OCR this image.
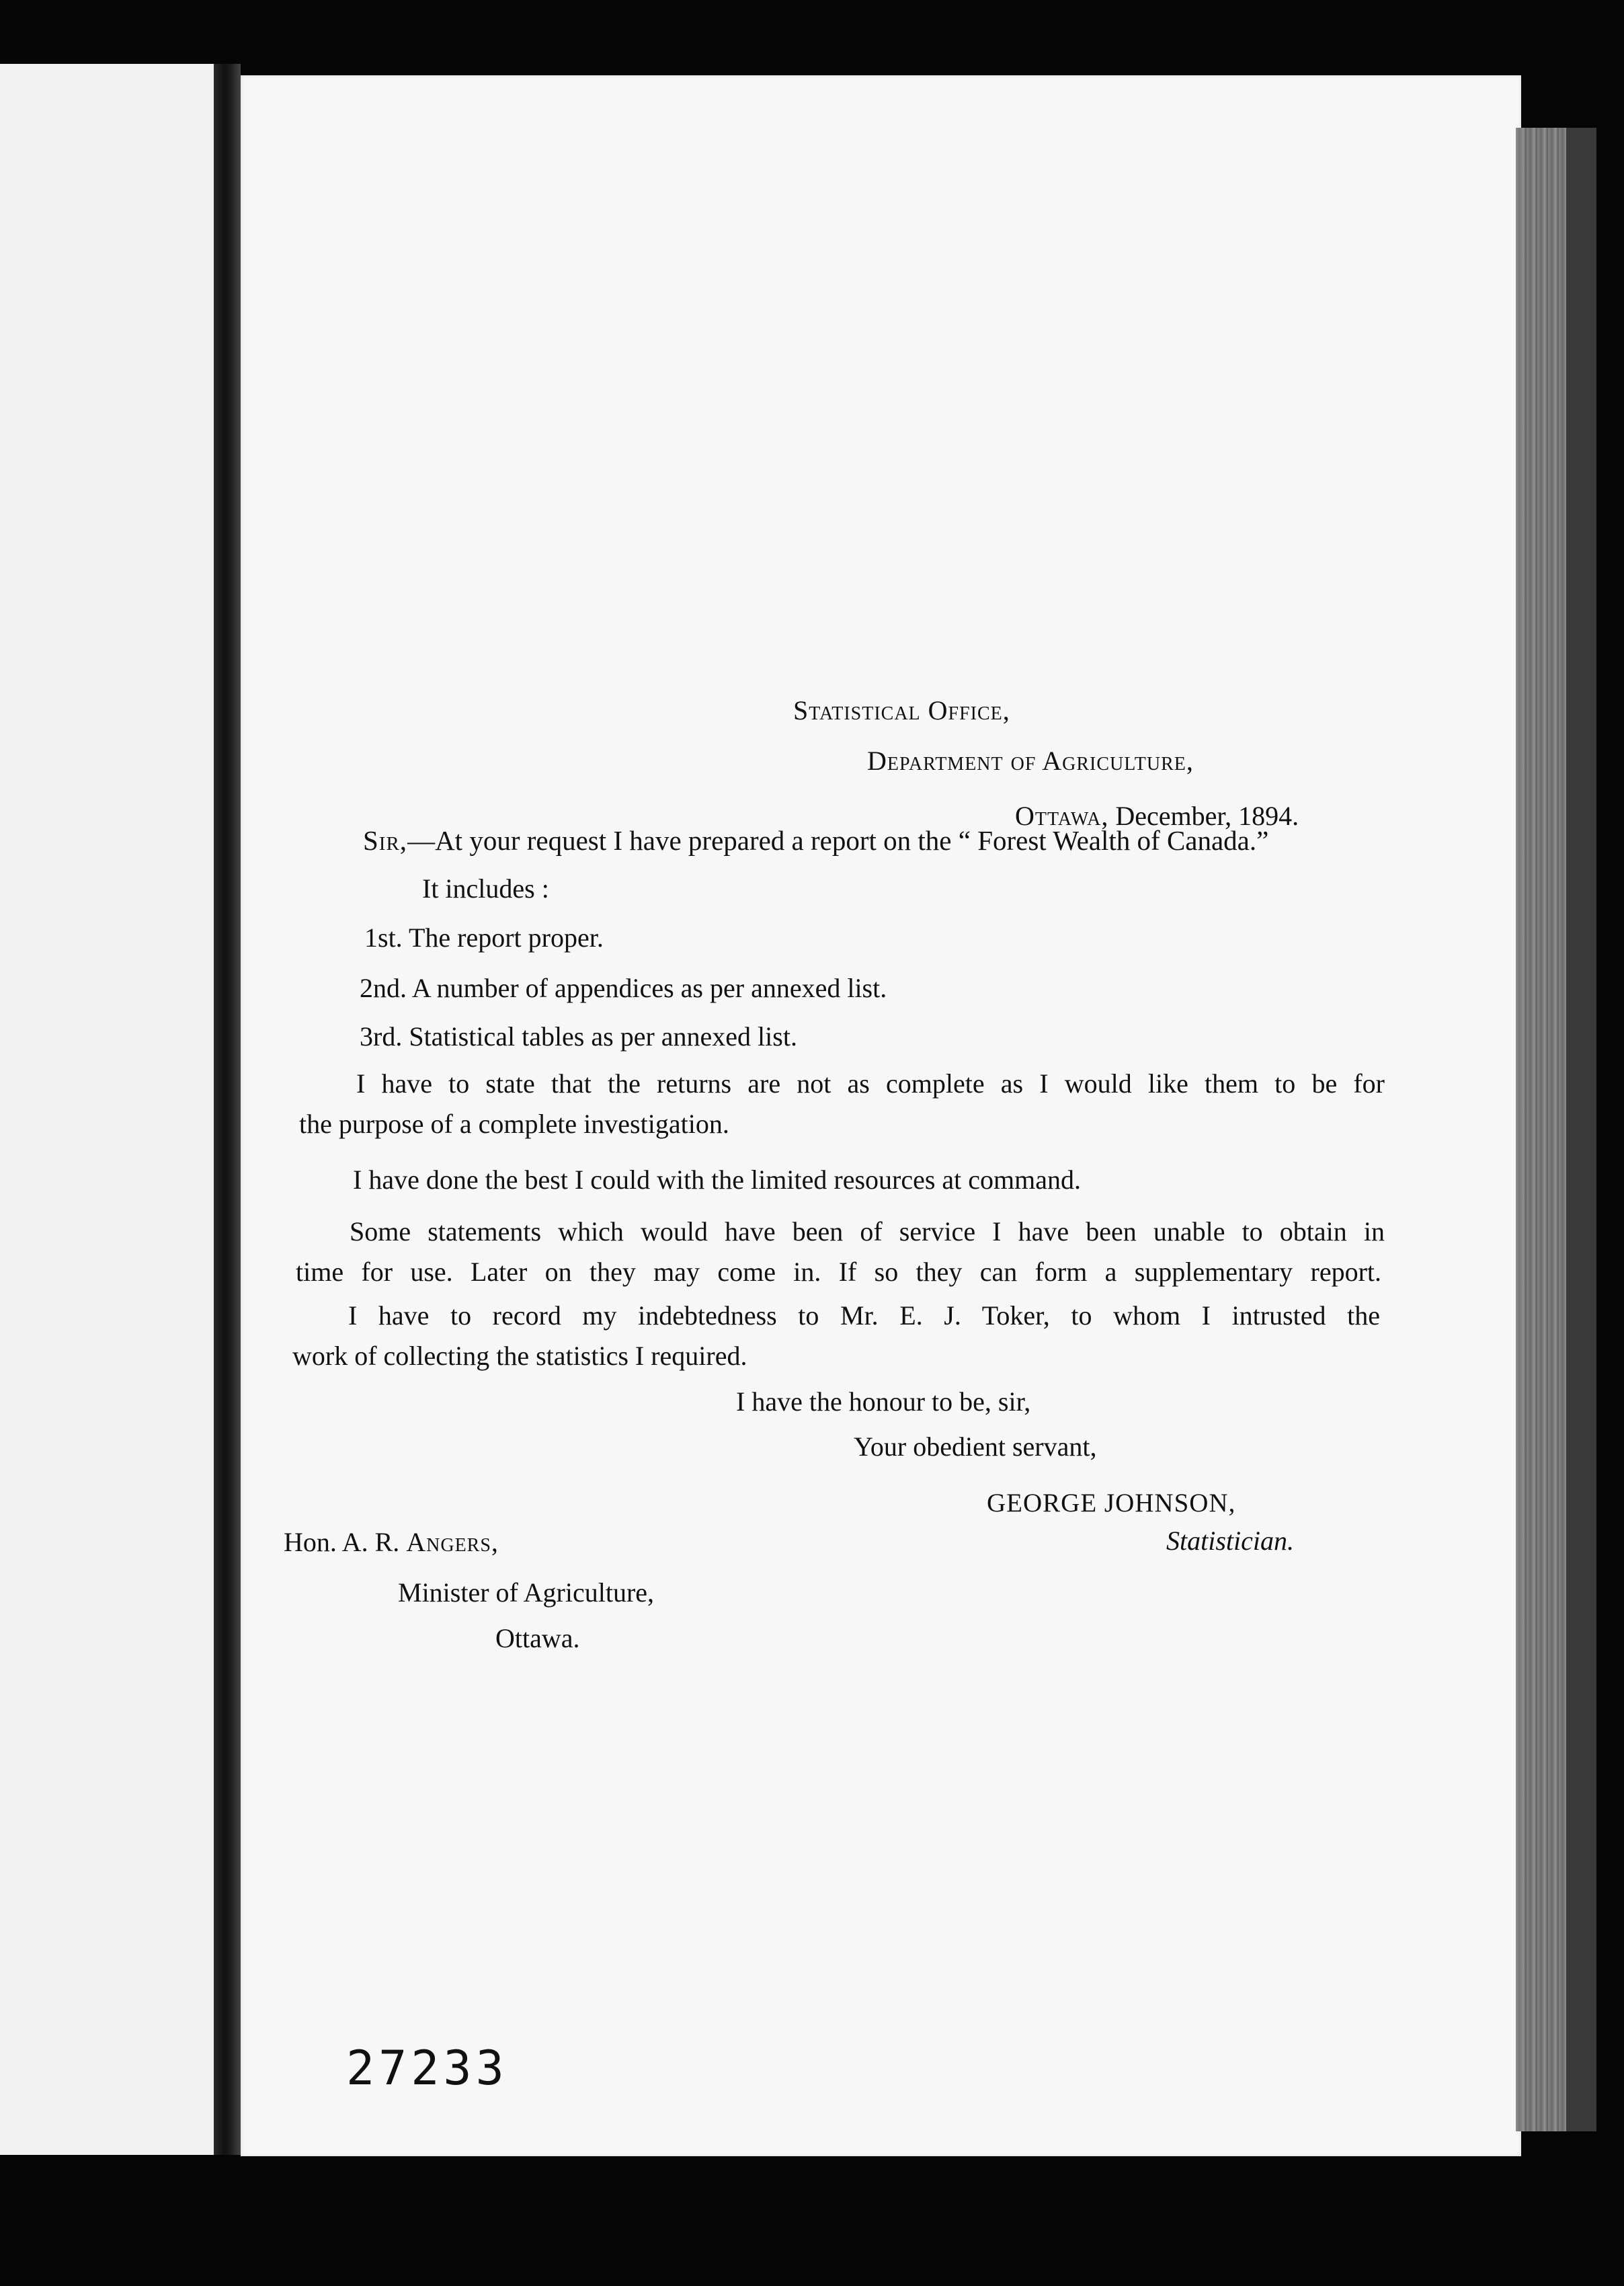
Statistical Office,
Department of Agriculture,
Ottawa, December, 1894.
Sir,—At your request I have prepared a report on the “ Forest Wealth of Canada.”
It includes :
1st. The report proper.
2nd. A number of appendices as per annexed list.
3rd. Statistical tables as per annexed list.
I have to state that the returns are not as complete as I would like them to be for
the purpose of a complete investigation.
I have done the best I could with the limited resources at command.
Some statements which would have been of service I have been unable to obtain in
time for use. Later on they may come in. If so they can form a supplementary report.
I have to record my indebtedness to Mr. E. J. Toker, to whom I intrusted the
work of collecting the statistics I required.
I have the honour to be, sir,
Your obedient servant,
GEORGE JOHNSON,
Statistician.
Hon. A. R. Angers,
Minister of Agriculture,
Ottawa.
27233
